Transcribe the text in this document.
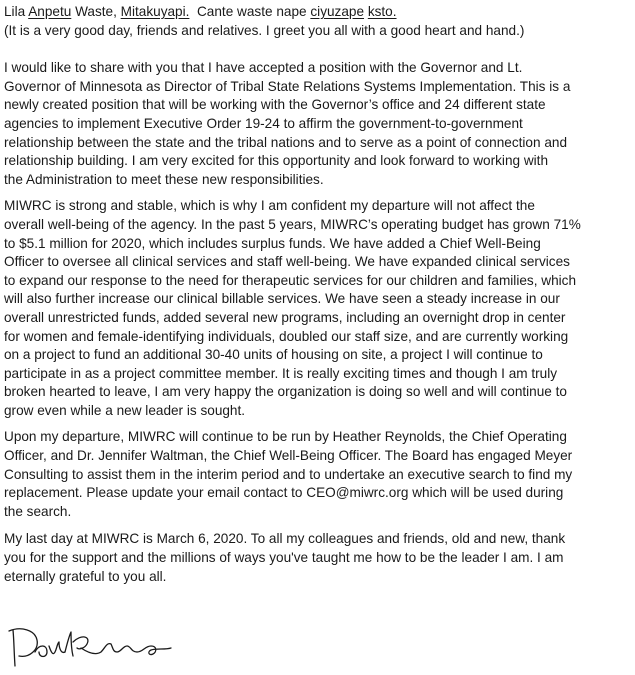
Lila Anpetu Waste, Mitakuyapi. Cante waste nape ciyuzape ksto.
(It is a very good day, friends and relatives. I greet you all with a good heart and hand.)
I would like to share with you that I have accepted a position with the Governor and Lt.
Governor of Minnesota as Director of Tribal State Relations Systems Implementation. This is a
newly created position that will be working with the Governor’s office and 24 different state
agencies to implement Executive Order 19-24 to affirm the government-to-government
relationship between the state and the tribal nations and to serve as a point of connection and
relationship building. I am very excited for this opportunity and look forward to working with
the Administration to meet these new responsibilities.
MIWRC is strong and stable, which is why I am confident my departure will not affect the
overall well-being of the agency. In the past 5 years, MIWRC’s operating budget has grown 71%
to $5.1 million for 2020, which includes surplus funds. We have added a Chief Well-Being
Officer to oversee all clinical services and staff well-being. We have expanded clinical services
to expand our response to the need for therapeutic services for our children and families, which
will also further increase our clinical billable services. We have seen a steady increase in our
overall unrestricted funds, added several new programs, including an overnight drop in center
for women and female-identifying individuals, doubled our staff size, and are currently working
on a project to fund an additional 30-40 units of housing on site, a project I will continue to
participate in as a project committee member. It is really exciting times and though I am truly
broken hearted to leave, I am very happy the organization is doing so well and will continue to
grow even while a new leader is sought.
Upon my departure, MIWRC will continue to be run by Heather Reynolds, the Chief Operating
Officer, and Dr. Jennifer Waltman, the Chief Well-Being Officer. The Board has engaged Meyer
Consulting to assist them in the interim period and to undertake an executive search to find my
replacement. Please update your email contact to CEO@miwrc.org which will be used during
the search.
My last day at MIWRC is March 6, 2020. To all my colleagues and friends, old and new, thank
you for the support and the millions of ways you've taught me how to be the leader I am. I am
eternally grateful to you all.
